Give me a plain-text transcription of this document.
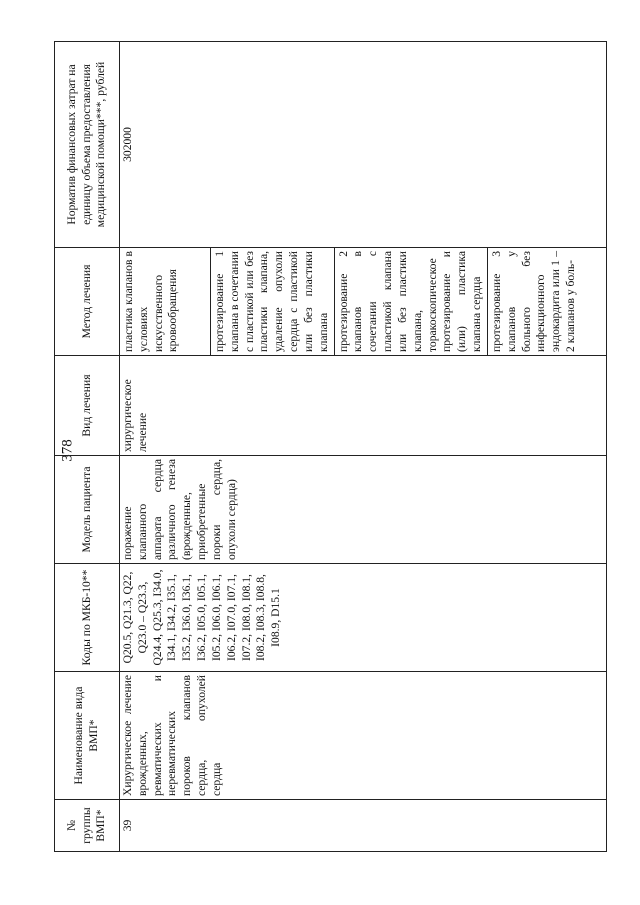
378
№ группы ВМП*	Наименование вида ВМП*	Коды по МКБ-10**	Модель пациента	Вид лечения	Метод лечения	Норматив финансовых затрат на единицу объема предоставления медицинской помощи***, рублей
39	Хирургическое лечение врожденных, ревматических и неревматических пороков клапанов сердца, опухолей сердца	Q20.5, Q21.3, Q22, Q23.0 – Q23.3, Q24.4, Q25.3, I34.0, I34.1, I34.2, I35.1, I35.2, I36.0, I36.1, I36.2, I05.0, I05.1, I05.2, I06.0, I06.1, I06.2, I07.0, I07.1, I07.2, I08.0, I08.1, I08.2, I08.3, I08.8, I08.9, D15.1	поражение клапанного аппарата сердца различного генеза (врожденные, приобретенные пороки сердца, опухоли сердца)	хирургическое лечение	пластика клапанов в условиях искусственного кровообращения	302000
					протезирование 1 клапана в сочетании с пластикой или без пластики клапана, удаление опухоли сердца с пластикой или без пластики клапана	
					протезирование 2 клапанов в сочетании с пластикой клапана или без пластики клапана, торакоскопическое протезирование и (или) пластика клапана сердца	
					протезирование 3 клапанов у больного без инфекционного эндокардита или 1 – 2 клапанов у боль-	
